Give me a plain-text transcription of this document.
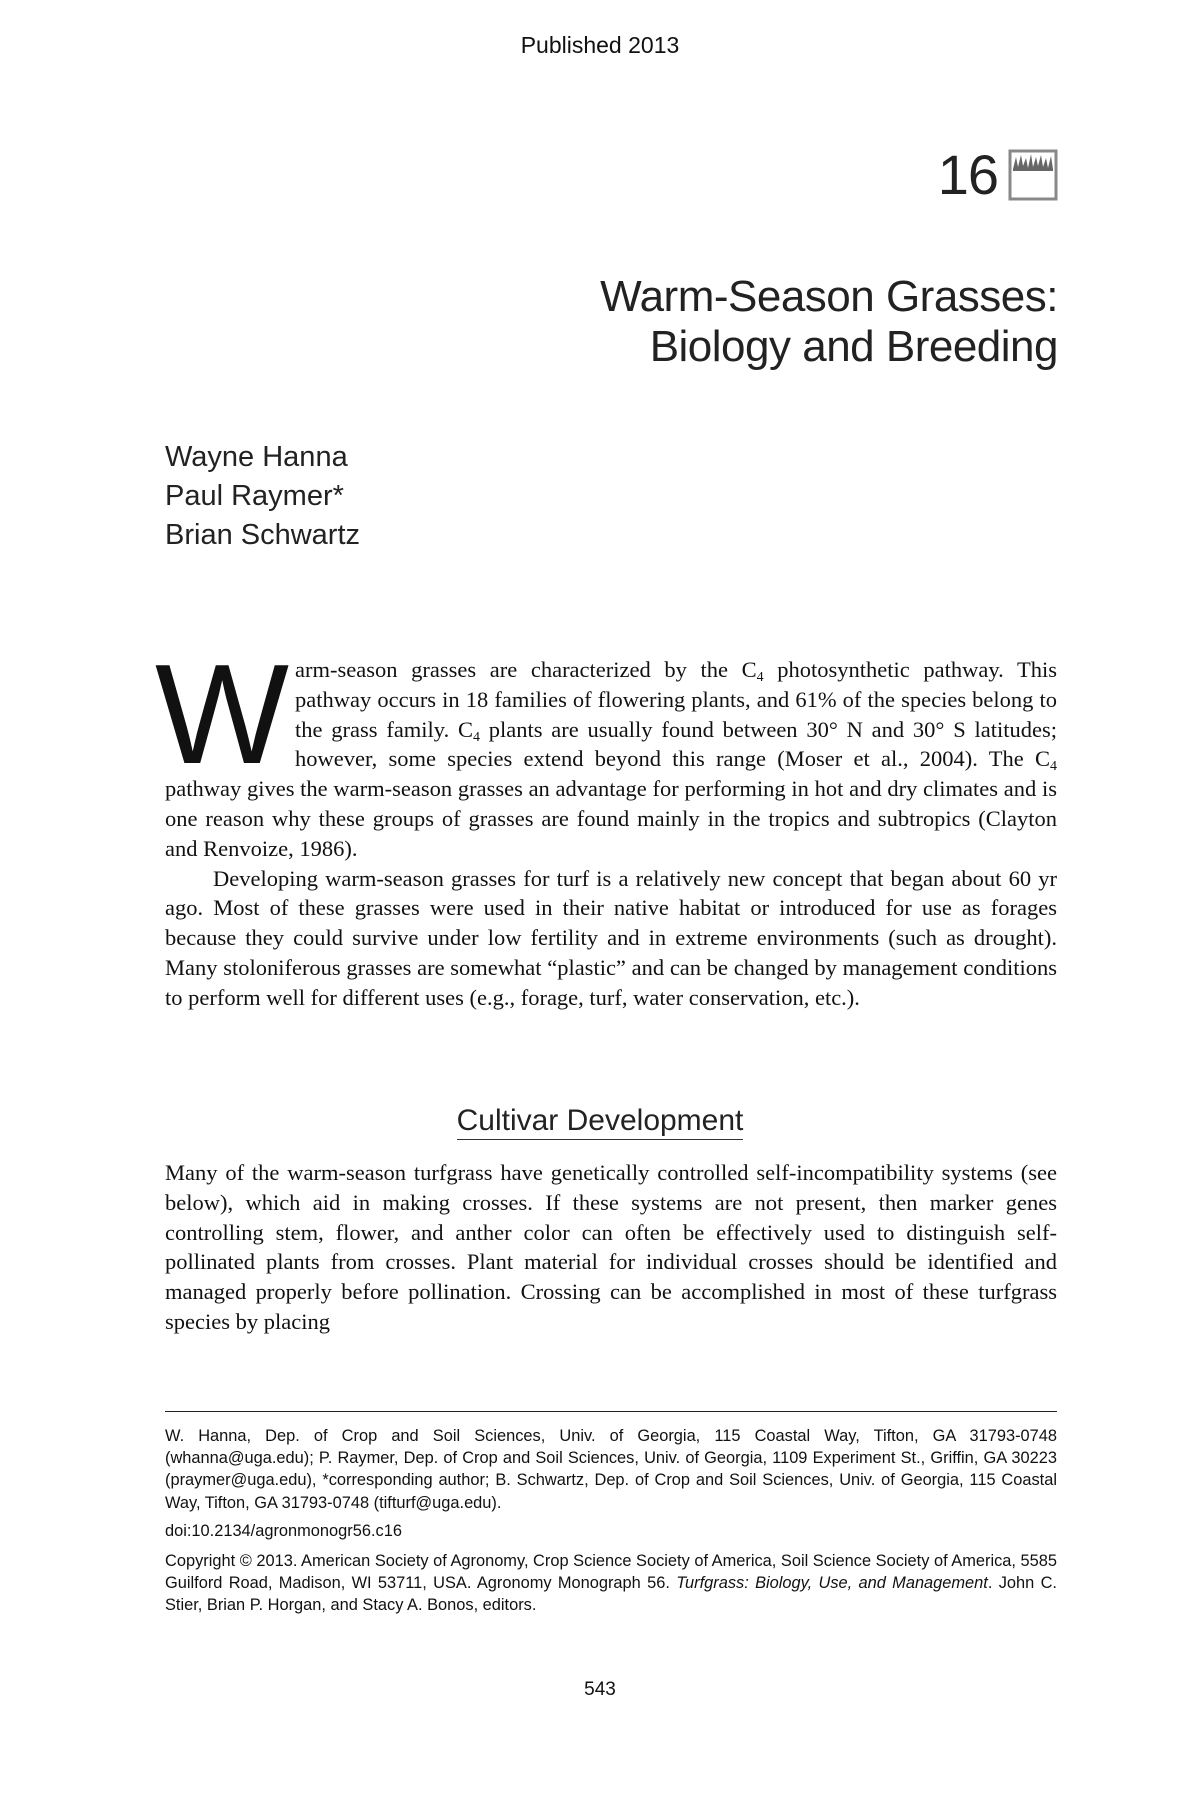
Published 2013
16
Warm-Season Grasses:
Biology and Breeding
Wayne Hanna
Paul Raymer*
Brian Schwartz

Warm-season grasses are characterized by the $C_4$ photosynthetic pathway. This pathway occurs in 18 families of flowering plants, and 61% of the species belong to the grass family. $C_4$ plants are usually found between 30° N and 30° S latitudes; however, some species extend beyond this range (Moser et al., 2004). The $C_4$ pathway gives the warm-season grasses an advantage for performing in hot and dry climates and is one reason why these groups of grasses are found mainly in the tropics and subtropics (Clayton and Renvoize, 1986).

Developing warm-season grasses for turf is a relatively new concept that began about 60 yr ago. Most of these grasses were used in their native habitat or introduced for use as forages because they could survive under low fertility and in extreme environments (such as drought). Many stoloniferous grasses are somewhat “plastic” and can be changed by management conditions to perform well for different uses (e.g., forage, turf, water conservation, etc.).

Cultivar Development

Many of the warm-season turfgrass have genetically controlled self-incompatibility systems (see below), which aid in making crosses. If these systems are not present, then marker genes controlling stem, flower, and anther color can often be effectively used to distinguish self-pollinated plants from crosses. Plant material for individual crosses should be identified and managed properly before pollination. Crossing can be accomplished in most of these turfgrass species by placing

W. Hanna, Dep. of Crop and Soil Sciences, Univ. of Georgia, 115 Coastal Way, Tifton, GA 31793-0748 (whanna@uga.edu); P. Raymer, Dep. of Crop and Soil Sciences, Univ. of Georgia, 1109 Experiment St., Griffin, GA 30223 (praymer@uga.edu), *corresponding author; B. Schwartz, Dep. of Crop and Soil Sciences, Univ. of Georgia, 115 Coastal Way, Tifton, GA 31793-0748 (tifturf@uga.edu).

doi:10.2134/agronmonogr56.c16

Copyright © 2013. American Society of Agronomy, Crop Science Society of America, Soil Science Society of America, 5585 Guilford Road, Madison, WI 53711, USA. Agronomy Monograph 56. Turfgrass: Biology, Use, and Management. John C. Stier, Brian P. Horgan, and Stacy A. Bonos, editors.

543
